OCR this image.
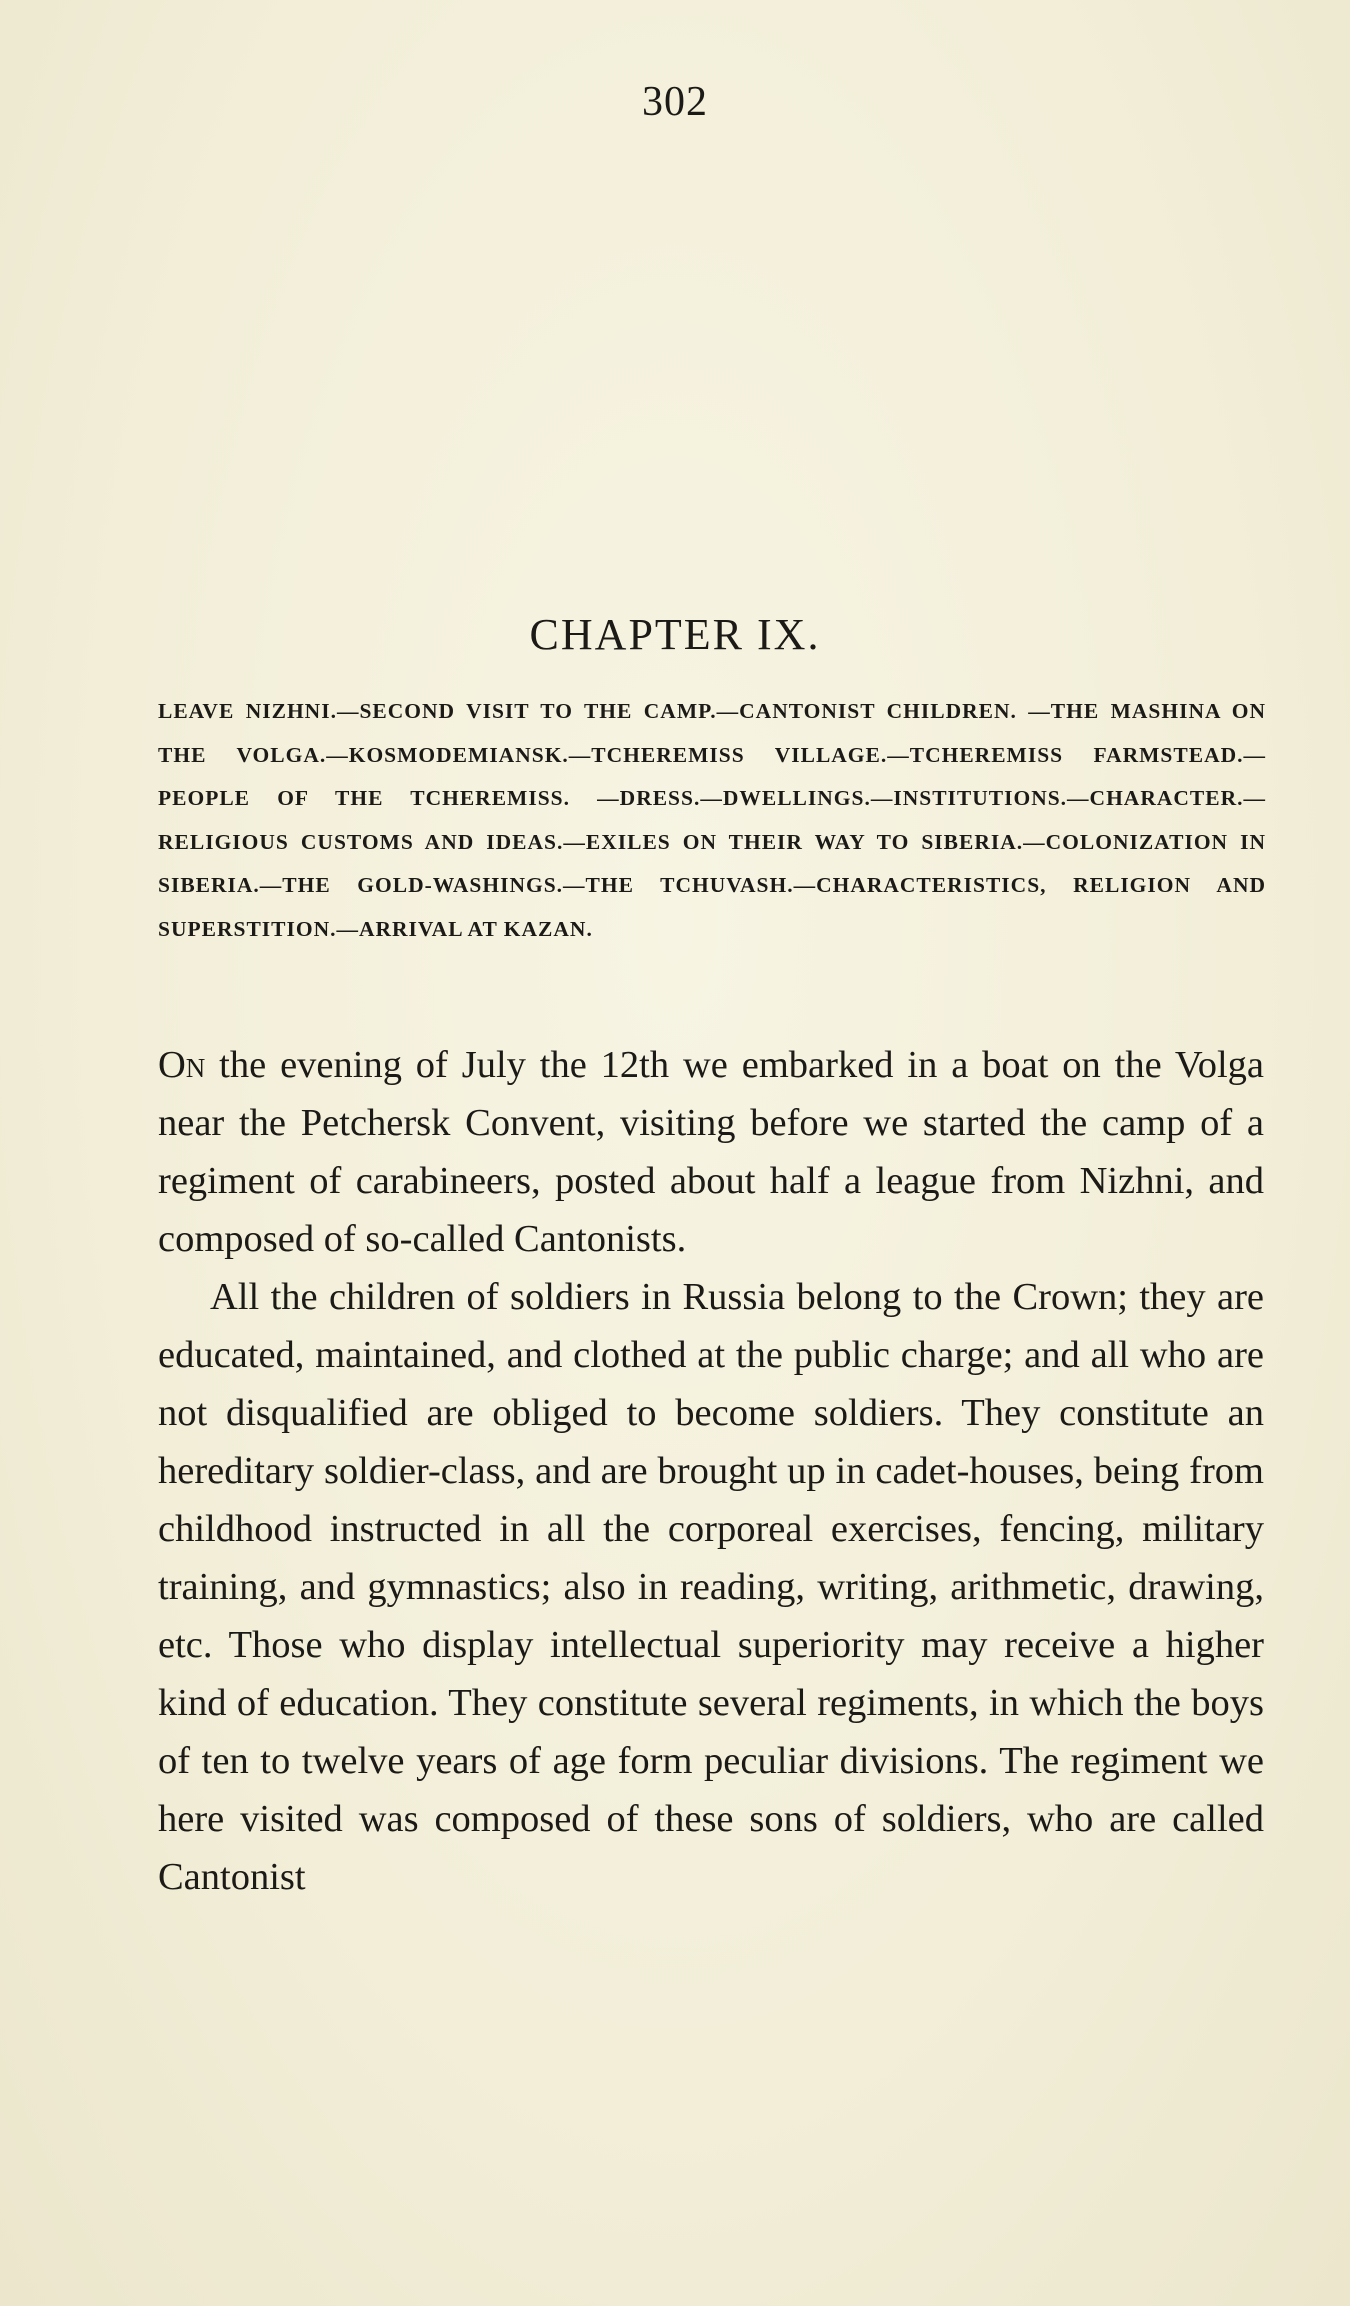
302
CHAPTER IX.
LEAVE NIZHNI.—SECOND VISIT TO THE CAMP.—CANTONIST CHILDREN. —THE MASHINA ON THE VOLGA.—KOSMODEMIANSK.—TCHEREMISS VILLAGE.—TCHEREMISS FARMSTEAD.—PEOPLE OF THE TCHEREMISS. —DRESS.—DWELLINGS.—INSTITUTIONS.—CHARACTER.—RELIGIOUS CUSTOMS AND IDEAS.—EXILES ON THEIR WAY TO SIBERIA.—COLONIZATION IN SIBERIA.—THE GOLD-WASHINGS.—THE TCHUVASH.—CHARACTERISTICS, RELIGION AND SUPERSTITION.—ARRIVAL AT KAZAN.

On the evening of July the 12th we embarked in a boat on the Volga near the Petchersk Convent, visiting before we started the camp of a regiment of carabineers, posted about half a league from Nizhni, and composed of so-called Cantonists.

All the children of soldiers in Russia belong to the Crown; they are educated, maintained, and clothed at the public charge; and all who are not disqualified are obliged to become soldiers. They constitute an hereditary soldier-class, and are brought up in cadet-houses, being from childhood instructed in all the corporeal exercises, fencing, military training, and gymnastics; also in reading, writing, arithmetic, drawing, etc. Those who display intellectual superiority may receive a higher kind of education. They constitute several regiments, in which the boys of ten to twelve years of age form peculiar divisions. The regiment we here visited was composed of these sons of soldiers, who are called Cantonist
